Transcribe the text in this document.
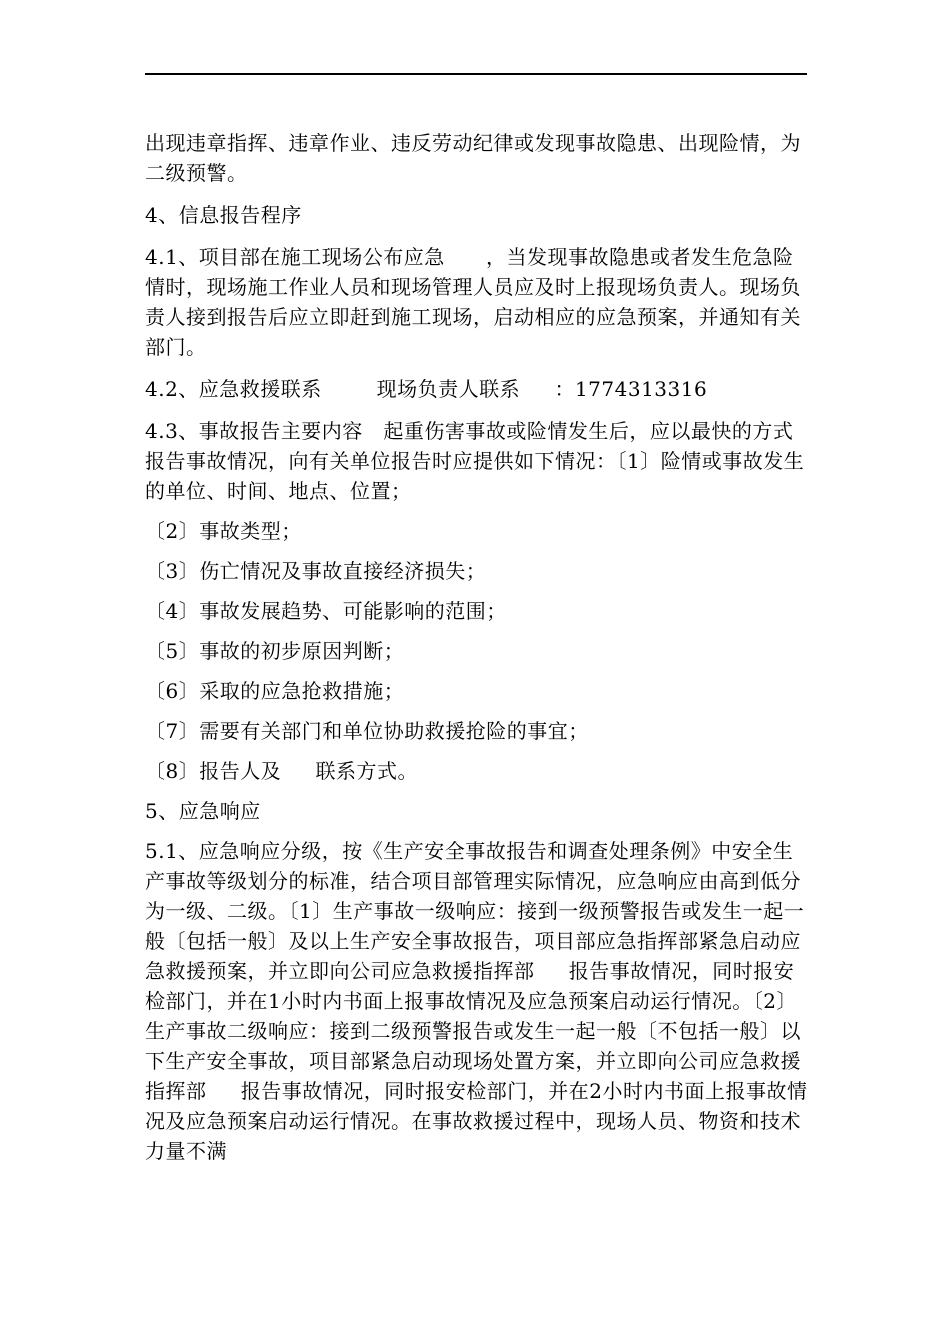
出现违章指挥、违章作业、违反劳动纪律或发现事故隐患、出现险情，为二级预警。

4、信息报告程序

4.1、项目部在施工现场公布应急      ，当发现事故隐患或者发生危急险情时，现场施工作业人员和现场管理人员应及时上报现场负责人。现场负责人接到报告后应立即赶到施工现场，启动相应的应急预案，并通知有关部门。

4.2、应急救援联系        现场负责人联系     ：1774313316

4.3、事故报告主要内容   起重伤害事故或险情发生后，应以最快的方式报告事故情况，向有关单位报告时应提供如下情况：〔1〕险情或事故发生的单位、时间、地点、位置；

〔2〕事故类型；

〔3〕伤亡情况及事故直接经济损失；

〔4〕事故发展趋势、可能影响的范围；

〔5〕事故的初步原因判断；

〔6〕采取的应急抢救措施；

〔7〕需要有关部门和单位协助救援抢险的事宜；

〔8〕报告人及     联系方式。

5、应急响应

5.1、应急响应分级，按《生产安全事故报告和调查处理条例》中安全生产事故等级划分的标准，结合项目部管理实际情况，应急响应由高到低分为一级、二级。〔1〕生产事故一级响应：接到一级预警报告或发生一起一般〔包括一般〕及以上生产安全事故报告，项目部应急指挥部紧急启动应急救援预案，并立即向公司应急救援指挥部     报告事故情况，同时报安检部门，并在1小时内书面上报事故情况及应急预案启动运行情况。〔2〕生产事故二级响应：接到二级预警报告或发生一起一般〔不包括一般〕以下生产安全事故，项目部紧急启动现场处置方案，并立即向公司应急救援指挥部     报告事故情况，同时报安检部门，并在2小时内书面上报事故情况及应急预案启动运行情况。在事故救援过程中，现场人员、物资和技术力量不满
